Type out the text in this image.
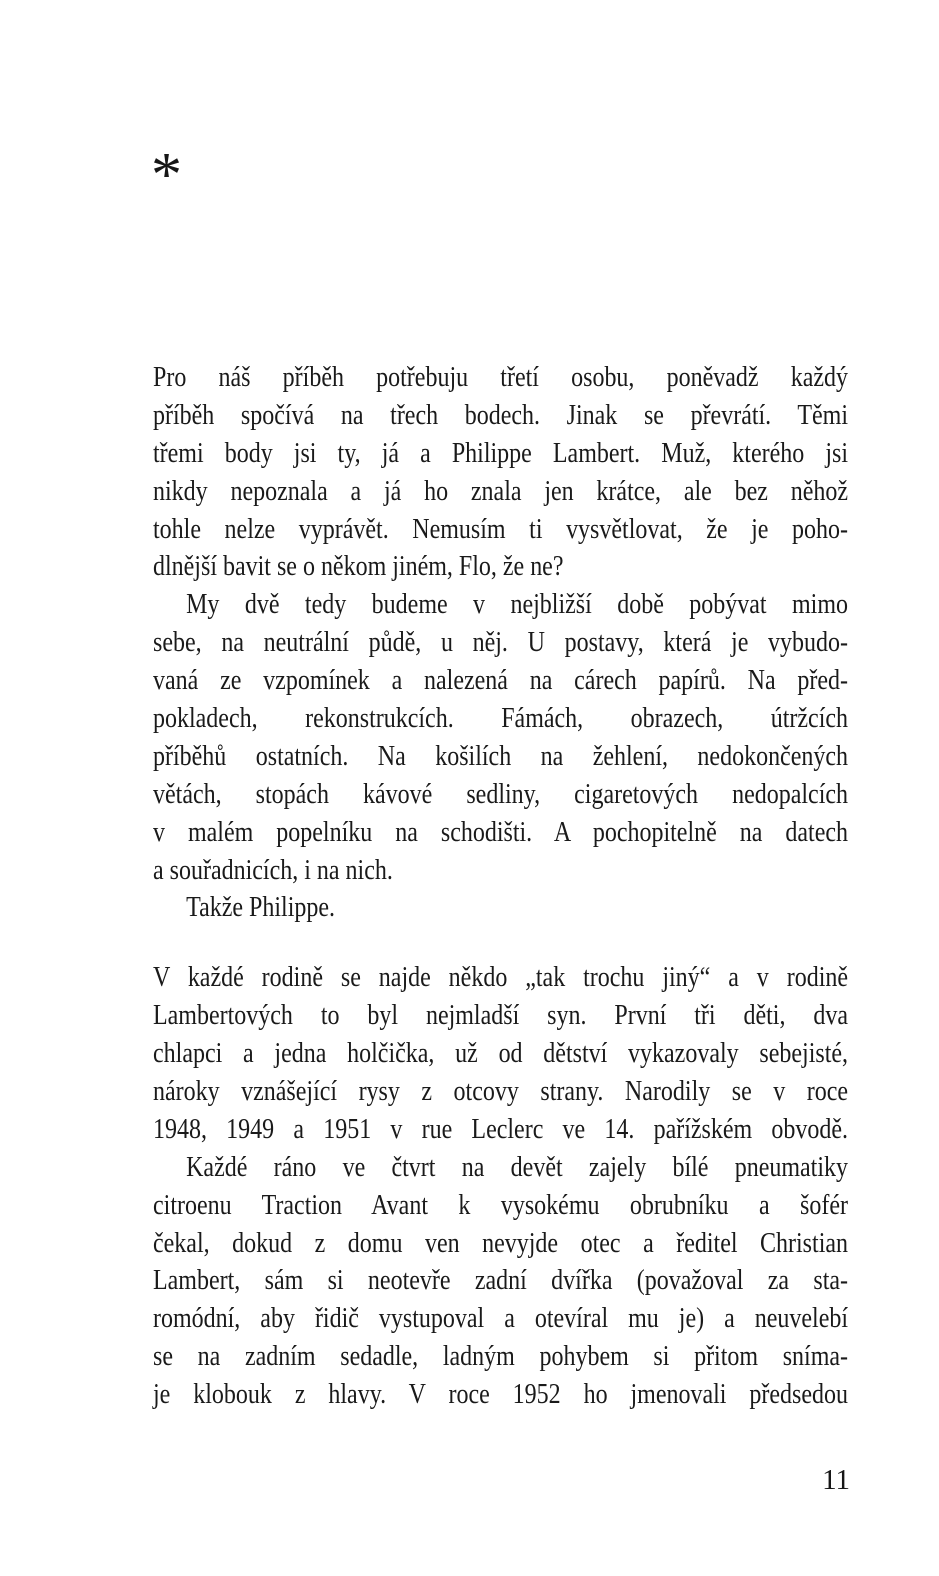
*
Pro náš příběh potřebuju třetí osobu, poněvadž každý
příběh spočívá na třech bodech. Jinak se převrátí. Těmi
třemi body jsi ty, já a Philippe Lambert. Muž, kterého jsi
nikdy nepoznala a já ho znala jen krátce, ale bez něhož
tohle nelze vyprávět. Nemusím ti vysvětlovat, že je poho-
dlnější bavit se o někom jiném, Flo, že ne?
My dvě tedy budeme v nejbližší době pobývat mimo
sebe, na neutrální půdě, u něj. U postavy, která je vybudo-
vaná ze vzpomínek a nalezená na cárech papírů. Na před-
pokladech, rekonstrukcích. Fámách, obrazech, útržcích
příběhů ostatních. Na košilích na žehlení, nedokončených
větách, stopách kávové sedliny, cigaretových nedopalcích
v malém popelníku na schodišti. A pochopitelně na datech
a souřadnicích, i na nich.
Takže Philippe.
V každé rodině se najde někdo „tak trochu jiný“ a v rodině
Lambertových to byl nejmladší syn. První tři děti, dva
chlapci a jedna holčička, už od dětství vykazovaly sebejisté,
nároky vznášející rysy z otcovy strany. Narodily se v roce
1948, 1949 a 1951 v rue Leclerc ve 14. pařížském obvodě.
Každé ráno ve čtvrt na devět zajely bílé pneumatiky
citroenu Traction Avant k vysokému obrubníku a šofér
čekal, dokud z domu ven nevyjde otec a ředitel Christian
Lambert, sám si neotevře zadní dvířka (považoval za sta-
romódní, aby řidič vystupoval a otevíral mu je) a neuvelebí
se na zadním sedadle, ladným pohybem si přitom sníma-
je klobouk z hlavy. V roce 1952 ho jmenovali předsedou
11
